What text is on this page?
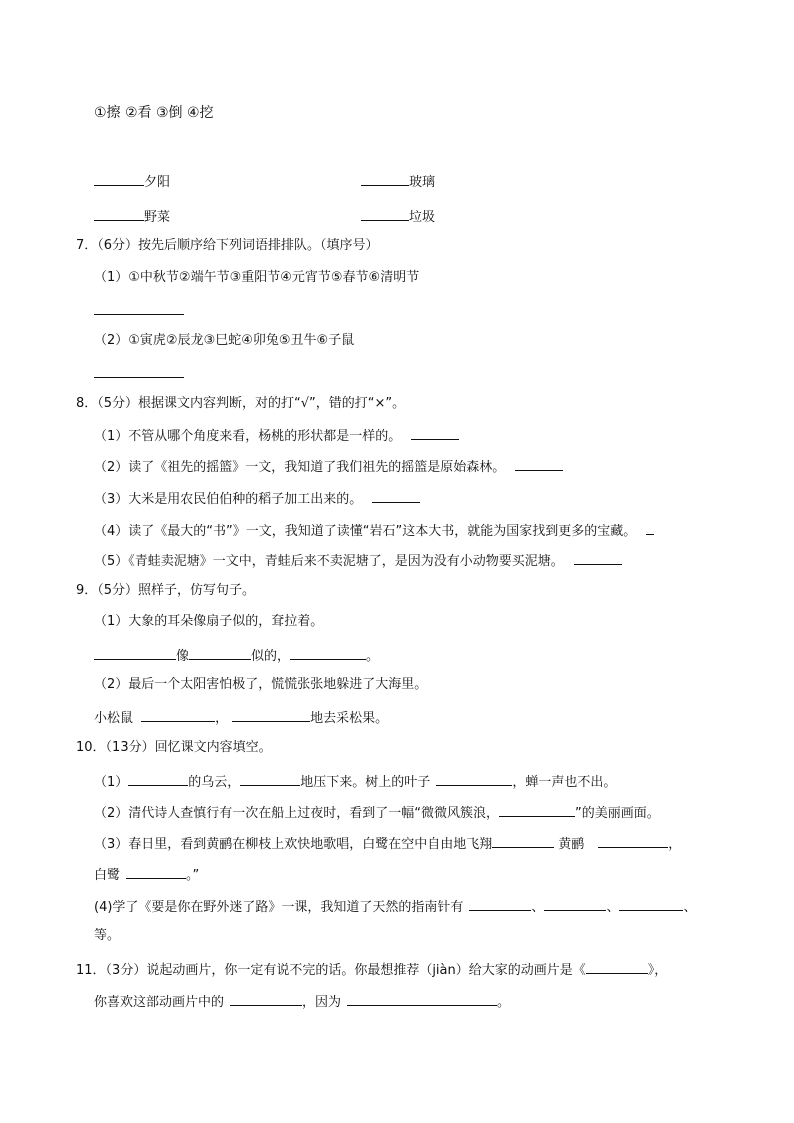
①擦 ②看 ③倒 ④挖
夕阳	玻璃
野菜	垃圾
7．（6分）按先后顺序给下列词语排排队。（填序号）
（1）①中秋节②端午节③重阳节④元宵节⑤春节⑥清明节
（2）①寅虎②辰龙③巳蛇④卯兔⑤丑牛⑥子鼠
8．（5分）根据课文内容判断，对的打“√”，错的打“×”。
（1）不管从哪个角度来看，杨桃的形状都是一样的。
（2）读了《祖先的摇篮》一文，我知道了我们祖先的摇篮是原始森林。
（3）大米是用农民伯伯种的稻子加工出来的。
（4）读了《最大的“书”》一文，我知道了读懂“岩石”这本大书，就能为国家找到更多的宝藏。
（5）《青蛙卖泥塘》一文中，青蛙后来不卖泥塘了，是因为没有小动物要买泥塘。
9．（5分）照样子，仿写句子。
（1）大象的耳朵像扇子似的，耷拉着。
像	似的，	。
（2）最后一个太阳害怕极了，慌慌张张地躲进了大海里。
小松鼠	，	地去采松果。
10．（13分）回忆课文内容填空。
（1）	的乌云，	地压下来。树上的叶子	，蝉一声也不出。
（2）清代诗人查慎行有一次在船上过夜时，看到了一幅“微微风簇浪，	”的美丽画面。
（3）春日里，看到黄鹂在柳枝上欢快地歌唱，白鹭在空中自由地飞翔	黄鹂	，
白鹭	。”
(4)学了《要是你在野外迷了路》一课，我知道了天然的指南针有	、	、	、
等。
11．（3分）说起动画片，你一定有说不完的话。你最想推荐（jiàn）给大家的动画片是《	》，
你喜欢这部动画片中的	，因为	。
